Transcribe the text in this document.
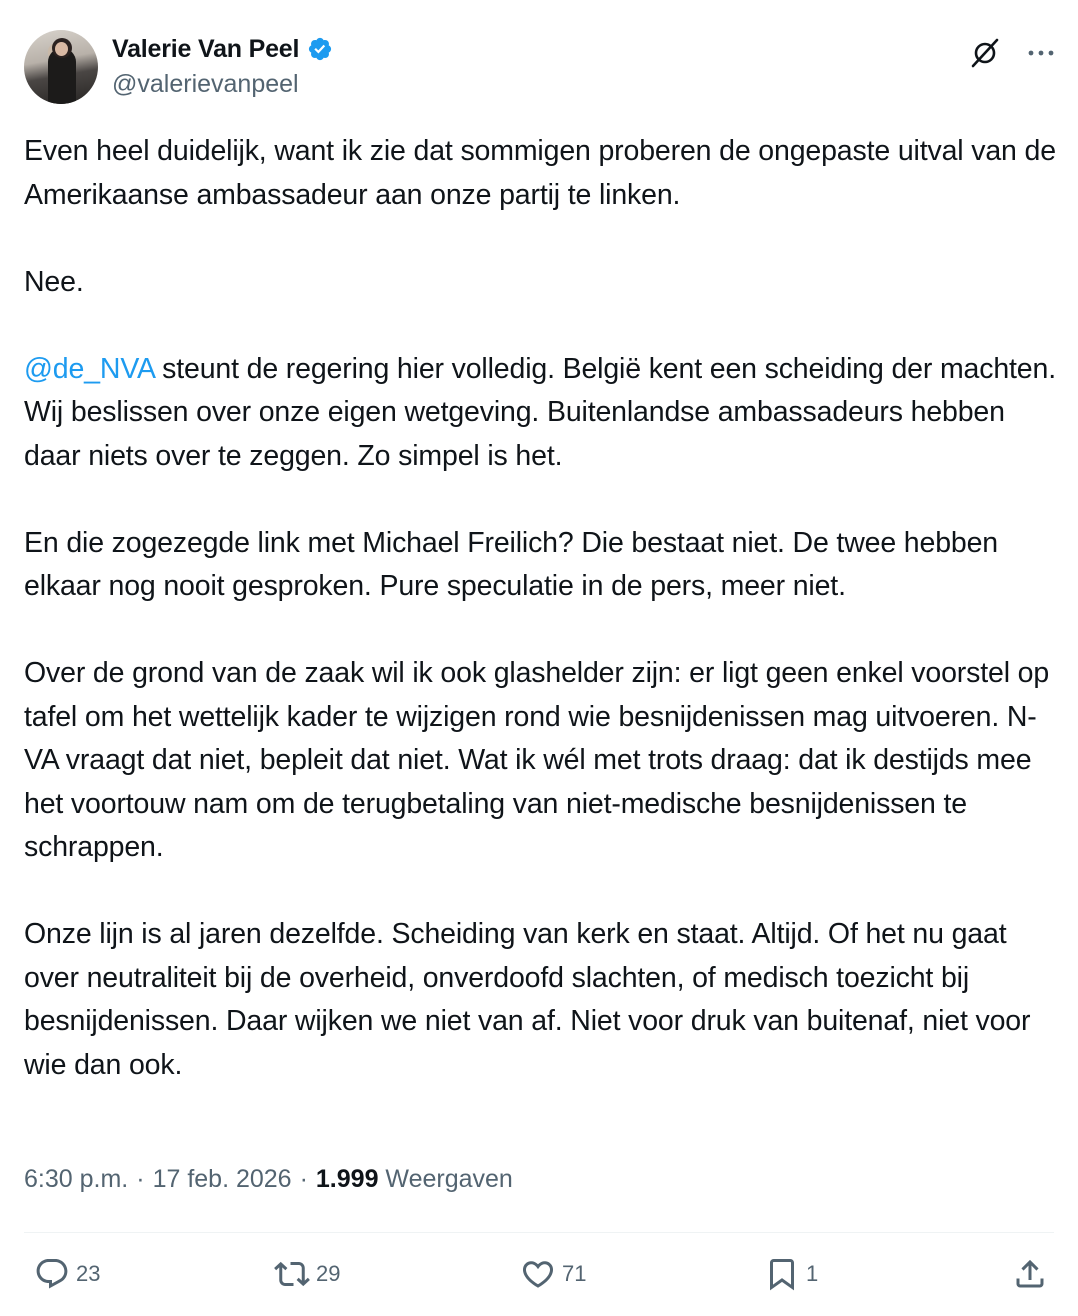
Valerie Van Peel
@valerievanpeel
Even heel duidelijk, want ik zie dat sommigen proberen de ongepaste uitval van de Amerikaanse ambassadeur aan onze partij te linken.

Nee.

@de_NVA steunt de regering hier volledig. België kent een scheiding der machten. Wij beslissen over onze eigen wetgeving. Buitenlandse ambassadeurs hebben daar niets over te zeggen. Zo simpel is het.

En die zogezegde link met Michael Freilich? Die bestaat niet. De twee hebben elkaar nog nooit gesproken. Pure speculatie in de pers, meer niet.

Over de grond van de zaak wil ik ook glashelder zijn: er ligt geen enkel voorstel op tafel om het wettelijk kader te wijzigen rond wie besnijdenissen mag uitvoeren. N-VA vraagt dat niet, bepleit dat niet. Wat ik wél met trots draag: dat ik destijds mee het voortouw nam om de terugbetaling van niet-medische besnijdenissen te schrappen.

Onze lijn is al jaren dezelfde. Scheiding van kerk en staat. Altijd. Of het nu gaat over neutraliteit bij de overheid, onverdoofd slachten, of medisch toezicht bij besnijdenissen. Daar wijken we niet van af. Niet voor druk van buitenaf, niet voor wie dan ook.
6:30 p.m. · 17 feb. 2026 · 1.999 Weergaven
23	29	71	1
